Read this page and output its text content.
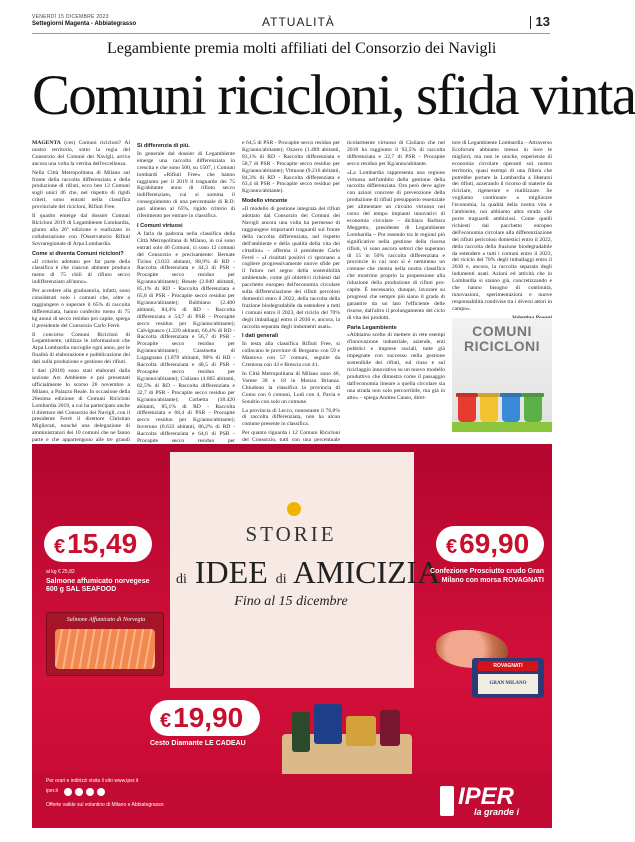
VENERDÌ 15 DICEMBRE 2023
Settegiorni Magenta - Abbiategrasso	ATTUALITÀ	13
Legambiente premia molti affiliati del Consorzio dei Navigli
Comuni ricicloni, sfida vinta

MAGENTA (ces) Comuni ricicloni? Al nostro territorio, sotto la regia del Consorzio dei Comuni dei Navigli, arriva ancora una volta la vetrina dell'eccellenza.

Nella Città Metropolitana di Milano sul fronte della raccolta differenziata e della produzione di rifiuti, ecco ben 12 Comuni sugli unici 46 che, nel rispetto di rigidi criteri, sono entrati nella classifica provinciale dei ricicloni, Rifiuti Free.

Il quadro emerge dal dossier Comuni Ricicloni 2019 di Legambiente Lombardia, giunto alla 26ª edizione e realizzato in collaborazione con l'Osservatorio Rifiuti Sovraregionale di Arpa Lombardia.

Come si diventa Comuni ricicloni?

«Il criterio adottato per far parte della classifica è che ciascun abitante produca meno di 75 chili di rifiuto secco indifferenziato all'anno».

Per accedere alla graduatoria, infatti, sono considerati solo i comuni che, oltre a raggiungere o superare il 65% di raccolta differenziata, hanno conferito meno di 75 kg annui di secco residuo pro capite, spiega il presidente del Consorzio Carlo Ferrè.

Il concorso Comuni Ricicloni di Legambiente, utilizza le informazioni che Arpa Lombardia raccoglie ogni anno, per le finalità di elaborazione e pubblicazione dei dati sulla produzione e gestione dei rifiuti.

I dati (2018) sono stati elaborati dalla sezione Ars Ambiente e poi presentati ufficialmente lo scorso 26 novembre a Milano, a Palazzo Reale. In occasione della 26esima edizione di Comuni Ricicloni Lombardia 2019, a cui ha partecipato anche il direttore del Consorzio dei Navigli, con il presidente Ferrè il direttore Christian Migliorati, nonché una delegazione di amministratori dei 10 comuni che ne fanno parte e che appartengono alle tre grandi

Si differenzia di più.

In generale dal dossier di Legambiente emerge una raccolta differenziata in crescita e che sono 500, su 1507, i Comuni lombardi «Rifiuti Free» che hanno raggiunto per il 2019 il traguardo dei 75 Kg/abitante anno di rifiuto secco indifferenziato, cui si somma il conseguimento di una percentuale di R.D. pari almeno al 65%, rigido criterio di riferimento per entrare in classifica.

I Comuni virtuosi

A farla da padrona nella classifica della Città Metropolitana di Milano, in cui sono entrati solo 46 Comuni, ci sono 12 comuni del Consorzio e precisamente: Bernate Ticino (3.033 abitanti, 88,9% di RD - Raccolta differenziata e 44,3 di PSR - Procapite secco residuo per Kg/anno/abitante); Besate (2.040 abitanti, 85,1% di RD - Raccolta differenziata e 65,8 di PSR - Procapite secco residuo per Kg/anno/abitante); Bubbiano (2.400 abitanti, 84,4% di RD - Raccolta differenziata e 54,7 di PSR - Procapite secco residuo per Kg/anno/abitante); Calvignasco (1.220 abitanti, 66,4% di RD - Raccolta differenziata e 56,7 di PSR - Procapite secco residuo per Kg/anno/abitante); Cassinetta di Lugagnano (1.870 abitanti, 90% di RD - Raccolta differenziata e 48,5 di PSR - Procapite secco residuo per Kg/anno/abitante); Cisliano (4.865 abitanti, 82,5% di RD - Raccolta differenziata e 32,7 di PSR - Procapite secco residuo per Kg/anno/abitante); Corbetta (18.420 abitanti, 85,1% di RD - Raccolta differenziata e 68,4 di PSR - Procapite secco residuo per Kg/anno/abitante); Inveruno (8.633 abitanti, 86,2% di RD - Raccolta differenziata e 64,6 di PSR - Procapite secco residuo per

e 64,5 di PSR - Procapite secco residuo per Kg/anno/abitante); Ozzero (1.489 abitanti, 83,1% di RD - Raccolta differenziata e 58,7 di PSR - Procapite secco residuo per Kg/anno/abitante); Vittuone (9.216 abitanti, 84,3% di RD - Raccolta differenziata e 63,4 di PSR - Procapite secco residuo per Kg/anno/abitante).

Modello vincente

«Il modello di gestione integrata dei rifiuti adottato dal Consorzio dei Comuni dei Navigli ancora una volta ha permesso di raggiungere importanti traguardi sul fronte della raccolta differenziata, nel rispetto dell'ambiente e della qualità della vita dei cittadini» – afferma il presidente Carlo Ferrè – «I risultati positivi ci spronano a cogliere progressivamente nuove sfide per il futuro nel segno della sostenibilità ambientale, come gli obiettivi richiesti dal pacchetto europeo dell'economia circolare sulla differenziazione dei rifiuti percolosi domestici entro il 2022, della raccolta della frazione biodegradabile da estendere a tutti i comuni entro il 2023, del riciclo del 70% degli imballaggi entro il 2030 e, ancora, la raccolta separata degli indumenti usati».

I dati generali

In testa alla classifica Rifiuti Free, si collocano le province di Bergamo con 59 e Mantova con 57 comuni, seguite da Cremona con 43 e Brescia con 41.

In Città Metropolitana di Milano sono 46, Varese 38 e 18 in Monza Brianza. Chiudono la classifica la provincia di Como con 6 comuni, Lodi con 4, Pavia e Sondrio con solo un comune.

La provincia di Lecco, nonostante il 76,8% di raccolta differenziata, non ha alcun comune presente in classifica.

Per quanto riguarda i 12 Comuni Ricicloni del Consorzio, tutti con una percentuale

ticolarmente virtuoso di Cisliano che nel 2018 ha raggiunto il 92,5% di raccolta differenziata e 32,7 di PSR - Procapite secco residuo per Kg/anno/abitante.

«La Lombardia rappresenta una regione virtuosa nell'ambito della gestione della raccolta differenziata. Ora però deve agire con azioni concrete di prevenzione della produzione di rifiuti presupposto essenziale per alimentare un circuito virtuoso nel corso del tempo impiantì innovativi di economia circolare – dichiara Barbara Meggetto, presidente di Legambiente Lombardia – Pur essendo tra le regioni più significative nella gestione della risorsa rifiuti, vi sono ancora settori che superano di 15 in 50% raccolta differenziata e provincie in cui non si è nemmeno un comune che rientra nella nostra classifica che mostrino proprio la propensione alla riduzione della produzione di rifiuti pro-capite. È necessario, dunque, lavorare su progressi che sempre più siano il grado di garantire da un lato l'efficiente delle risorse, dall'altro il prolungamento del ciclo di vita dei prodotti.

Parla Legambiente

«Abbiamo scelto di mettere in rete esempi d'innovazione industriale, aziende, enti pubblici e imprese sociali, tutte già impegnate con successo nella gestione sostenibile dei rifiuti, sul riuso e sul riciclaggio innovativo su un nuovo modello produttivo che dimostra come il passaggio dall'economia lineare a quella circolare sia una strada non solo percorribile, ma già in atto» – spiega Andrea Causo, diret-

tore di Legambiente Lombardia – Attraverso Ecoforum abbiamo messo in luce le migliori, ma non le uniche, esperienze di economia circolare operanti sul nostro territorio, quasi esempi di una filiera che potrebbe portare la Lombardia a liberarsi dei rifiuti, azzerando il ricorso di materie da riciclare, rigenerare e riutilizzare. Se vogliamo continuare a migliorare l'economia, la qualità della nostra vita e l'ambiente, noi abbiamo altra strada che porre traguardi ambiziosi. Come quelli richiesti dal pacchetto europeo dell'economia circolare alla differenziazione dei rifiuti pericolosi domestici entro il 2022, della raccolta della frazione biodegradabile da estendere a tutti i comuni entro il 2023, del riciclo del 70% degli imballaggi entro il 2030 e, ancora, la raccolta separata degli indumenti usati. Azioni ed attività che in Lombardia si stanno già, concretizzando e che hanno bisogno di continuità, innovazioni, sperimentazioni e nuove responsabilità condivise tra i diversi attori in campo».

COMUNI RICICLONI
STORIE
di IDEE di AMICIZIA
Fino al 15 dicembre
€15,49
al kg € 25,82
Salmone affumicato norvegese 600 g SAL SEAFOOD
€69,90
Confezione Prosciutto crudo Gran Milano con morsa ROVAGNATI
€19,90
Cesto Diamante LE CADEAU
Salmone Affumicato di Norvegia
ROVAGNATI
GRAN MILANO
Per orari e indirizzi visita il sito www.iper.it
iper.it
Offerte valide sul volantino di Milano e Abbiategrasso	IPER
la grande i
